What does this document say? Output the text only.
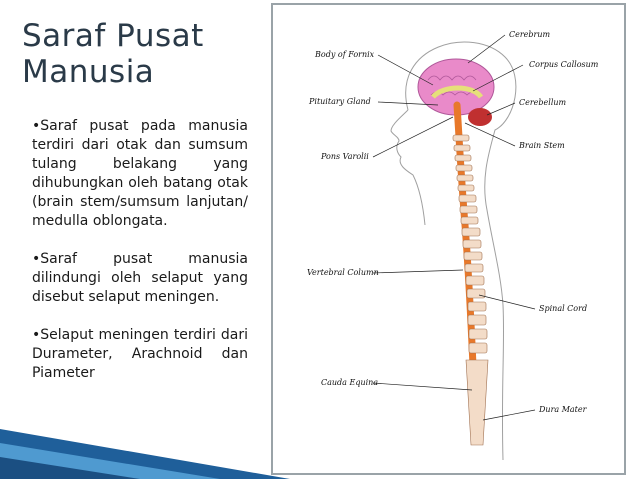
Saraf Pusat
Manusia

•Saraf pusat pada manusia terdiri dari otak dan sumsum tulang belakang yang dihubungkan oleh batang otak (brain stem/sumsum lanjutan/ medulla oblongata.

•Saraf pusat manusia dilindungi oleh selaput yang disebut selaput meningen.

•Selaput meningen terdiri dari Durameter, Arachnoid dan Piameter

Body of Fornix
Pituitary Gland
Pons Varolii
Vertebral Column
Cauda Equina
Cerebrum
Corpus Callosum
Cerebellum
Brain Stem
Spinal Cord
Dura Mater
